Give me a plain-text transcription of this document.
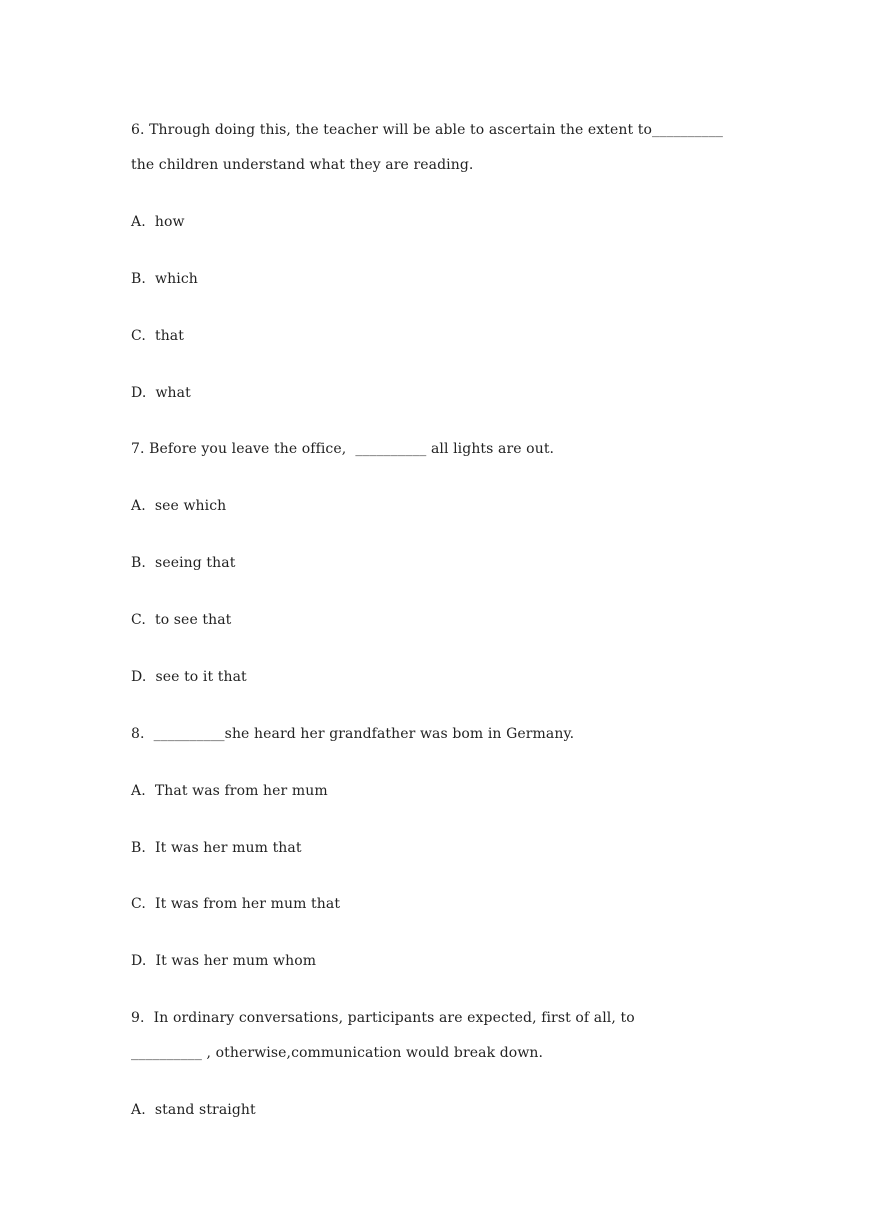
6. Through doing this, the teacher will be able to ascertain the extent to__________
the children understand what they are reading.
A.  how
B.  which
C.  that
D.  what
7. Before you leave the office,  __________ all lights are out.
A.  see which
B.  seeing that
C.  to see that
D.  see to it that
8.  __________she heard her grandfather was bom in Germany.
A.  That was from her mum
B.  It was her mum that
C.  It was from her mum that
D.  It was her mum whom
9.  In ordinary conversations, participants are expected, first of all, to
__________ , otherwise,communication would break down.
A.  stand straight
